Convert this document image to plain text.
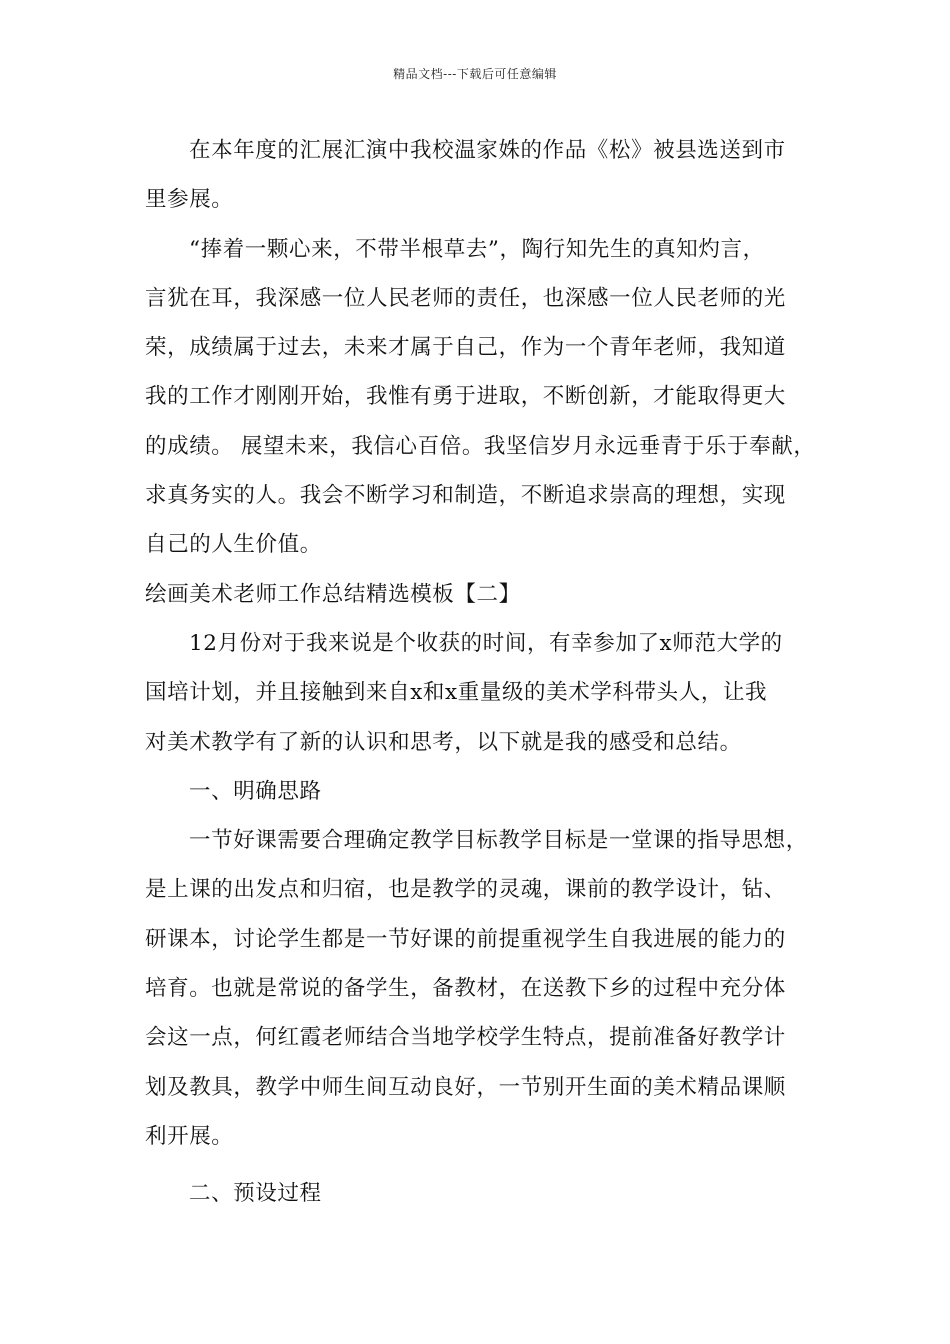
精品文档---下载后可任意编辑
在本年度的汇展汇演中我校温家姝的作品《松》被县选送到市
里参展。
“捧着一颗心来，不带半根草去”，陶行知先生的真知灼言，
言犹在耳，我深感一位人民老师的责任，也深感一位人民老师的光
荣，成绩属于过去，未来才属于自己，作为一个青年老师，我知道
我的工作才刚刚开始，我惟有勇于进取，不断创新，才能取得更大
的成绩。 展望未来，我信心百倍。我坚信岁月永远垂青于乐于奉献，
求真务实的人。我会不断学习和制造，不断追求崇高的理想，实现
自己的人生价值。
绘画美术老师工作总结精选模板【二】
12月份对于我来说是个收获的时间，有幸参加了x师范大学的
国培计划，并且接触到来自x和x重量级的美术学科带头人，让我
对美术教学有了新的认识和思考，以下就是我的感受和总结。
一、明确思路
一节好课需要合理确定教学目标教学目标是一堂课的指导思想，
是上课的出发点和归宿，也是教学的灵魂，课前的教学设计，钻、
研课本，讨论学生都是一节好课的前提重视学生自我进展的能力的
培育。也就是常说的备学生，备教材，在送教下乡的过程中充分体
会这一点，何红霞老师结合当地学校学生特点，提前准备好教学计
划及教具，教学中师生间互动良好，一节别开生面的美术精品课顺
利开展。
二、预设过程
